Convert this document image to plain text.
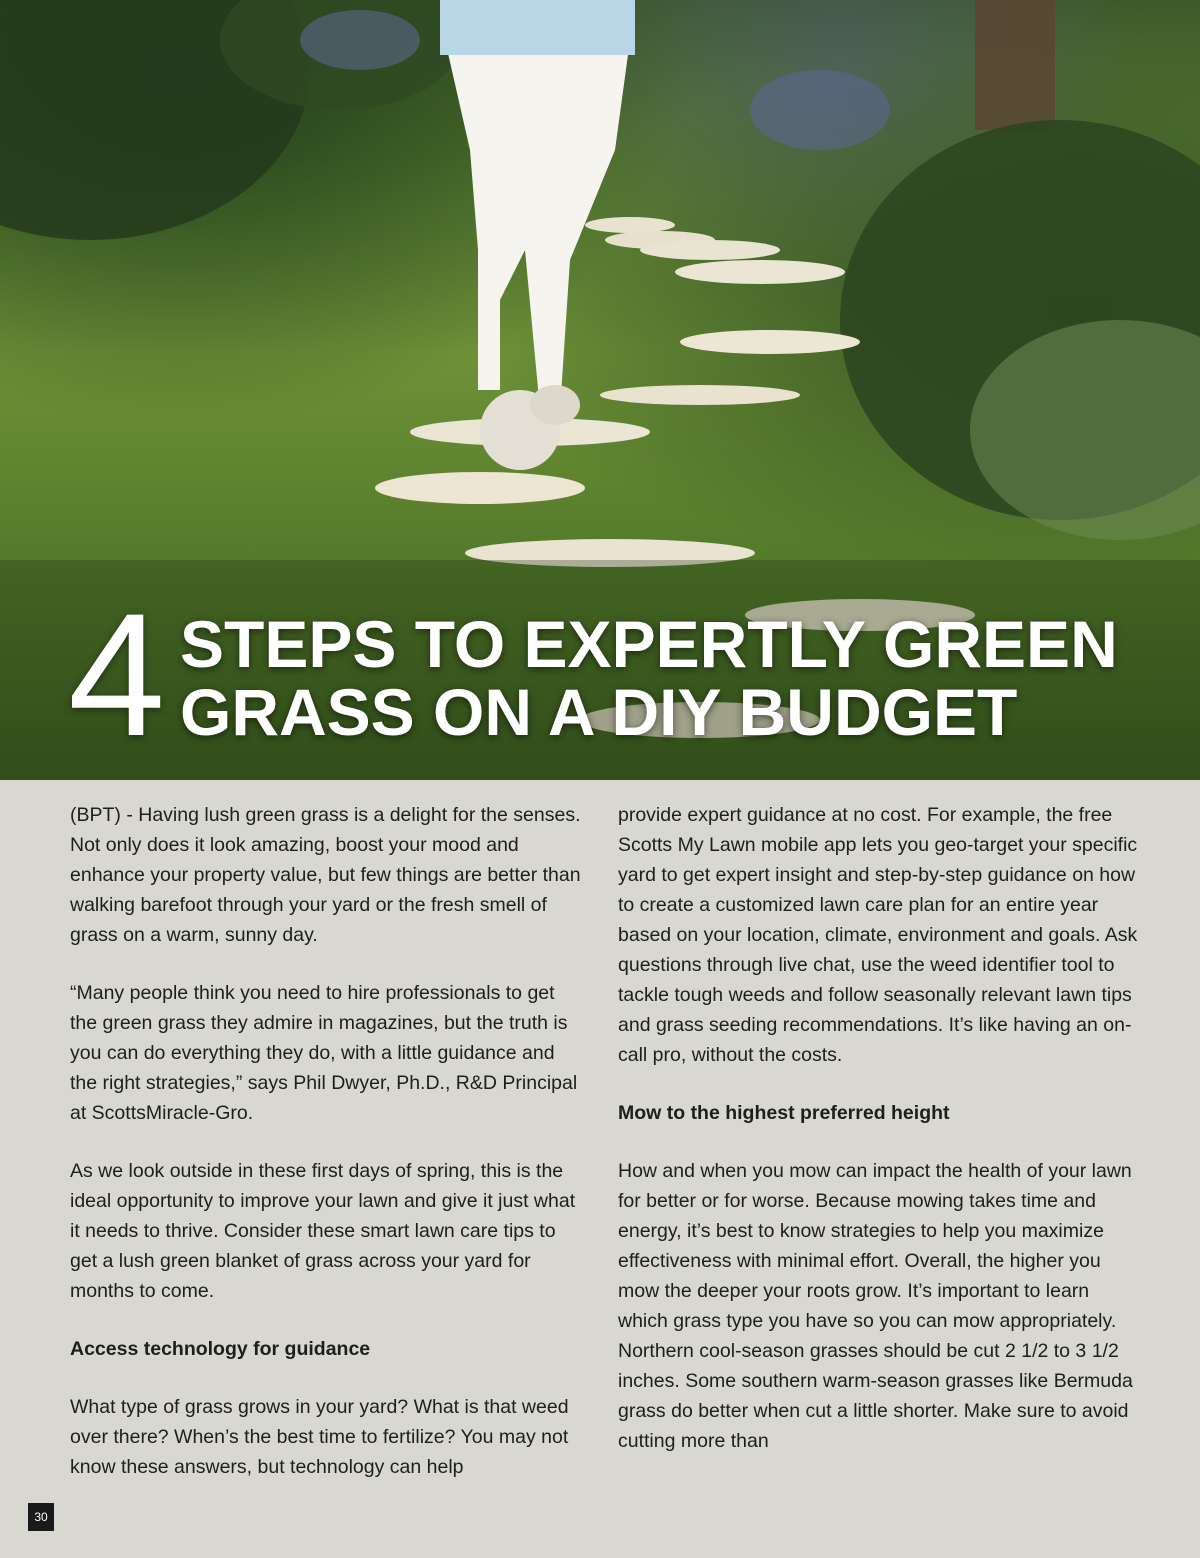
4 STEPS TO EXPERTLY GREEN
GRASS ON A DIY BUDGET

(BPT) - Having lush green grass is a delight for the senses. Not only does it look amazing, boost your mood and enhance your property value, but few things are better than walking barefoot through your yard or the fresh smell of grass on a warm, sunny day.

“Many people think you need to hire professionals to get the green grass they admire in magazines, but the truth is you can do everything they do, with a little guidance and the right strategies,” says Phil Dwyer, Ph.D., R&D Principal at ScottsMiracle-Gro.

As we look outside in these first days of spring, this is the ideal opportunity to improve your lawn and give it just what it needs to thrive. Consider these smart lawn care tips to get a lush green blanket of grass across your yard for months to come.

Access technology for guidance

What type of grass grows in your yard? What is that weed over there? When’s the best time to fertilize? You may not know these answers, but technology can help

provide expert guidance at no cost. For example, the free Scotts My Lawn mobile app lets you geo-target your specific yard to get expert insight and step-by-step guidance on how to create a customized lawn care plan for an entire year based on your location, climate, environment and goals. Ask questions through live chat, use the weed identifier tool to tackle tough weeds and follow seasonally relevant lawn tips and grass seeding recommendations. It’s like having an on-call pro, without the costs.

Mow to the highest preferred height

How and when you mow can impact the health of your lawn for better or for worse. Because mowing takes time and energy, it’s best to know strategies to help you maximize effectiveness with minimal effort. Overall, the higher you mow the deeper your roots grow. It’s important to learn which grass type you have so you can mow appropriately. Northern cool-season grasses should be cut 2 1/2 to 3 1/2 inches. Some southern warm-season grasses like Bermuda grass do better when cut a little shorter. Make sure to avoid cutting more than

30
